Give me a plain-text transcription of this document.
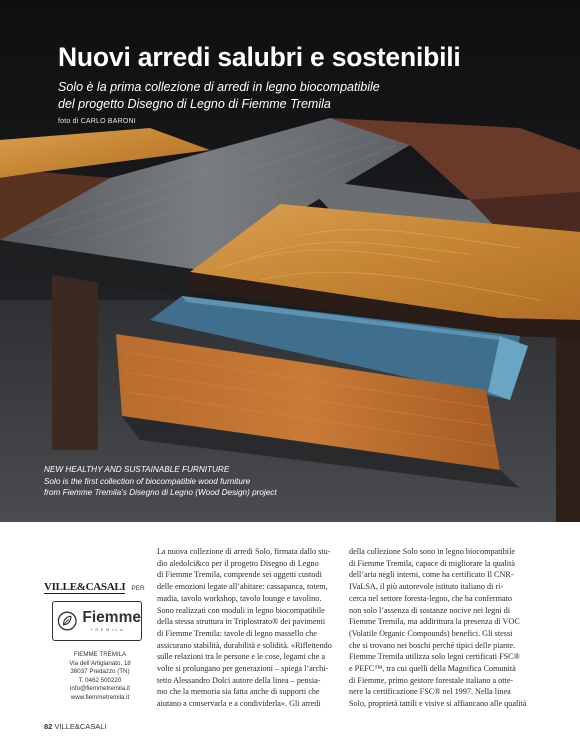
Nuovi arredi salubri e sostenibili
Solo è la prima collezione di arredi in legno biocompatibile
del progetto Disegno di Legno di Fiemme Tremila
foto di CARLO BARONI
NEW HEALTHY AND SUSTAINABLE FURNITURE
Solo is the first collection of biocompatible wood furniture
from Fiemme Tremila’s Disegno di Legno (Wood Design) project
VILLE&CASALI PER
Fiemme
TREMILA
FIEMME TREMILA
Via dell’Artigianato, 18
38037 Predazzo (TN)
T. 0462 500220
info@fiemmetremila.it
www.fiemmetremila.it
La nuova collezione di arredi Solo, firmata dallo stu-
dio aledolci&co per il progetto Disegno di Legno
di Fiemme Tremila, comprende sei oggetti custodi
delle emozioni legate all’abitare: cassapanca, totem,
madia, tavolo workshop, tavolo lounge e tavolino.
Sono realizzati con moduli in legno biocompatibile
della stessa struttura in Triplostrato® dei pavimenti
di Fiemme Tremila: tavole di legno massello che
assicurano stabilità, durabilità e solidità. «Riflettendo
sulle relazioni tra le persone e le cose, legami che a
volte si prolungano per generazioni – spiega l’archi-
tetto Alessandro Dolci autore della linea – pensia-
mo che la memoria sia fatta anche di supporti che
aiutano a conservarla e a condividerla». Gli arredi
della collezione Solo sono in legno biocompatibile
di Fiemme Tremila, capace di migliorare la qualità
dell’aria negli interni, come ha certificato Il CNR-
IVaLSA, il più autorevole istituto italiano di ri-
cerca nel settore foresta-legno, che ha confermato
non solo l’assenza di sostanze nocive nei legni di
Fiemme Tremila, ma addirittura la presenza di VOC
(Volatile Organic Compounds) benefici. Gli stessi
che si trovano nei boschi perché tipici delle piante.
Fiemme Tremila utilizza solo legni certificati FSC®
e PEFC™, tra cui quelli della Magnifica Comunità
di Fiemme, primo gestore forestale italiano a otte-
nere la certificazione FSC® nel 1997. Nella linea
Solo, proprietà tattili e visive si affiancano alle qualità
82 VILLE&CASALI
